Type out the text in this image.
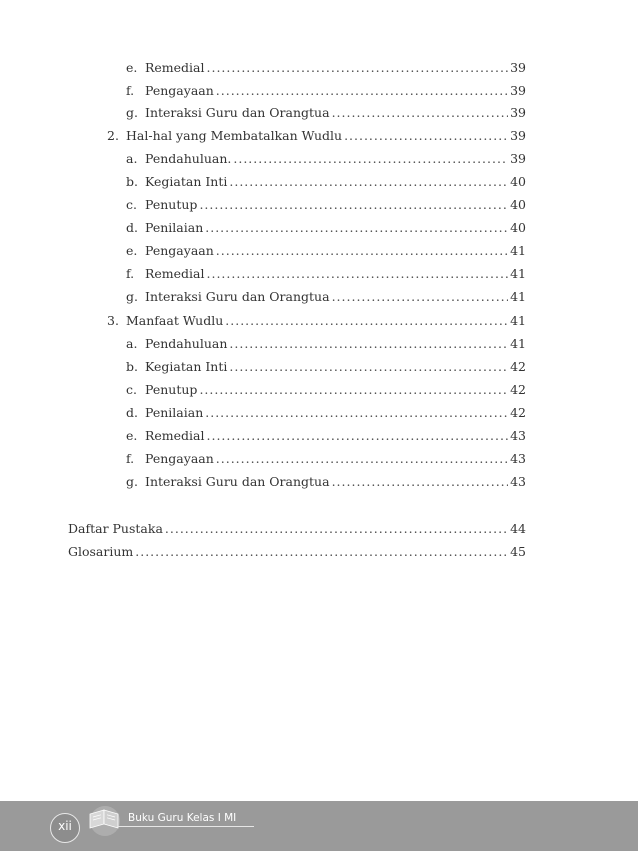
e. Remedial .....	39
f. Pengayaan .....	39
g. Interaksi Guru dan Orangtua .....	39
2. Hal-hal yang Membatalkan Wudlu .....	39
a. Pendahuluan. .....	39
b. Kegiatan Inti .....	40
c. Penutup .....	40
d. Penilaian .....	40
e. Pengayaan .....	41
f. Remedial .....	41
g. Interaksi Guru dan Orangtua .....	41
3. Manfaat Wudlu .....	41
a. Pendahuluan .....	41
b. Kegiatan Inti .....	42
c. Penutup .....	42
d. Penilaian .....	42
e. Remedial .....	43
f. Pengayaan .....	43
g. Interaksi Guru dan Orangtua .....	43
Daftar Pustaka .....	44
Glosarium .....	45
xii
Buku Guru Kelas I MI
